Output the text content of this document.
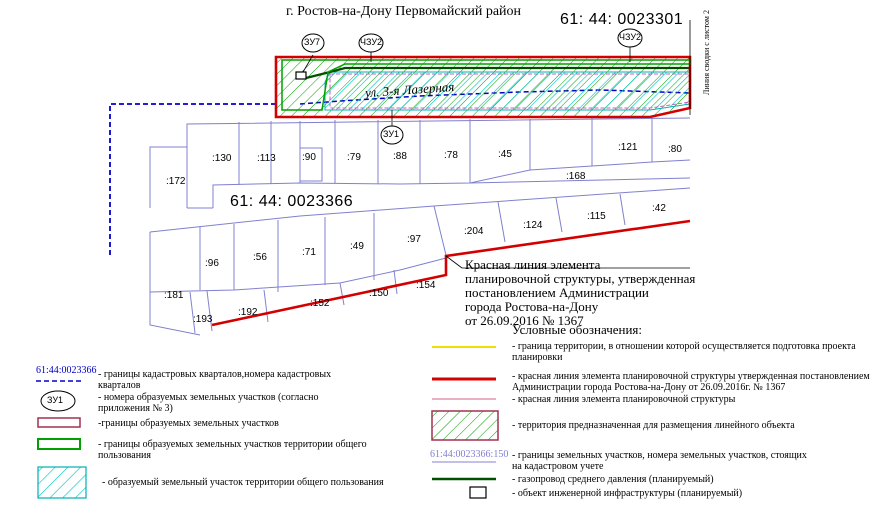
г. Ростов-на-Дону Первомайский район 61: 44: 0023301
61: 44: 0023366
Линия сводки с листом 2
ул. 3-я Лазерная
ЗУ7	ЧЗУ2	ЧЗУ2
ЗУ1
:172
:130	:113	:90	:79	:88	:78	:45
:168
:121	:80
:96
:56	:71
:49
:97
:204
:124
:115
:42
:181
:193
:192
:152
:150
:154
Красная линия элемента
планировочной структуры, утвержденная
постановлением Администрации
города Ростова-на-Дону
от 26.09.2016 № 1367
Условные обозначения:
61:44:0023366 - границы кадастровых кварталов,номера кадастровых кварталов
ЗУ1	- номера образуемых земельных участков (согласно приложения № 3)
-границы образуемых земельных участков
- границы образуемых земельных участков территории общего пользования
- образуемый земельный участок территории общего пользования
- граница территории, в отношении которой осуществляется подготовка проекта планировки
- красная линия элемента планировочной структуры утвержденная постановлением Администрации города Ростова-на-Дону от 26.09.2016г. № 1367
- красная линия элемента планировочной структуры
- территория предназначенная для размещения линейного объекта
61:44:0023366:150 - границы земельных участков, номера земельных участков, стоящих на кадастровом учете
- газопровод среднего давления (планируемый)
- объект инженерной инфраструктуры (планируемый)
